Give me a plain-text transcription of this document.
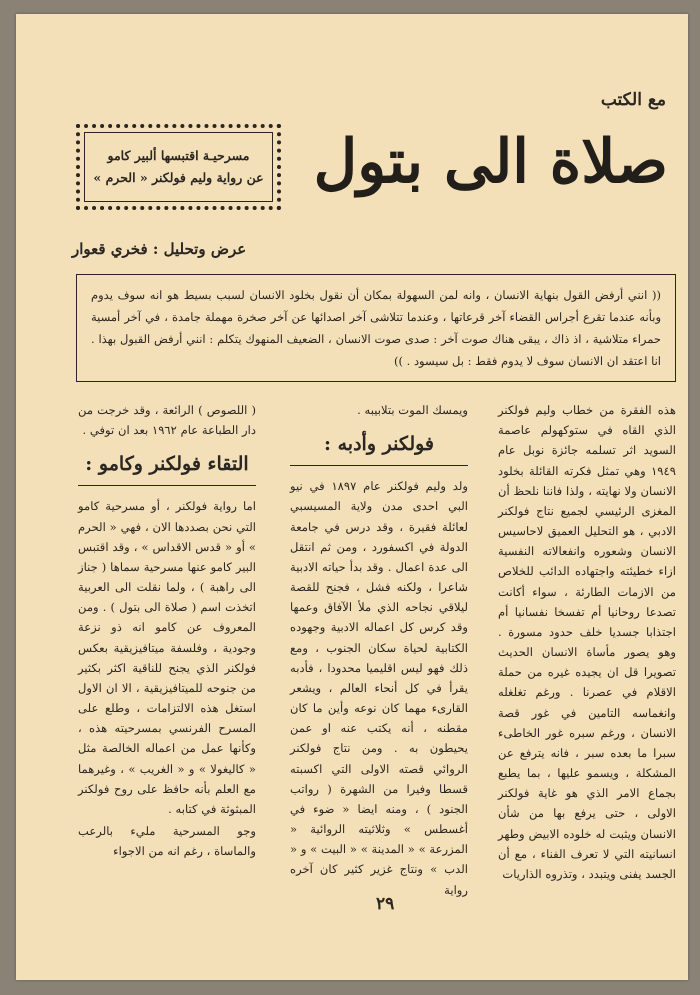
مع الكتب
صلاة الى بتول
مسرحيـة اقتبسها ألبير كامو
عن رواية وليم فولكنر « الحرم »
عرض وتحليل : فخري قعوار
(( انني أرفض القول بنهاية الانسان ، وانه لمن السهولة بمكان أن نقول بخلود الانسان لسبب بسيط هو انه سوف يدوم وبأنه عندما تقرع أجراس القضاء آخر قرعاتها ، وعندما تتلاشى آخر اصدائها عن آخر صخرة مهملة جامدة ، في آخر أمسية حمراء متلاشية ، اذ ذاك ، يبقى هناك صوت آخر : صدى صوت الانسان ، الضعيف المنهوك يتكلم : انني أرفض القبول بهذا . انا اعتقد ان الانسان سوف لا يدوم فقط : بل سيسود . ))

هذه الفقرة من خطاب وليم فولكنر الذي القاه في ستوكهولم عاصمة السويد اثر تسلمه جائزة نوبل عام ١٩٤٩ وهي تمثل فكرته القائلة بخلود الانسان ولا نهايته ، ولذا فاننا نلحظ أن المغزى الرئيسي لجميع نتاج فولكنر الادبي ، هو التحليل العميق لاحاسيس الانسان وشعوره وانفعالاته النفسية ازاء خطيئته واجتهاده الدائب للخلاص من الازمات الطارئة ، سواء أكانت تصدعا روحانيا أم تفسخا نفسانيا أم اجتذابا جسديا خلف حدود مسورة . وهو يصور مأساة الانسان الحديث تصويرا قل ان يجيده غيره من حملة الاقلام في عصرنا . ورغم تغلغله وانغماسه التامين في غور قصة الانسان ، ورغم سبره غور الخاطىء سبرا ما بعده سبر ، فانه يترفع عن المشكلة ، ويسمو عليها ، بما يطبع بجماع الامر الذي هو غاية فولكنر الاولى ، حتى يرفع بها من شأن الانسان ويثبت له خلوده الابيض وطهر انسانيته التي لا تعرف الفناء ، مع أن الجسد يفنى ويتبدد ، وتذروه الذاريات

ويمسك الموت بتلابيبه .

فولكنر وأدبه :

ولد وليم فولكنر عام ١٨٩٧ في نيو البي احدى مدن ولاية المسيسبي لعائلة فقيرة ، وقد درس في جامعة الدولة في اكسفورد ، ومن ثم انتقل الى عدة اعمال . وقد بدأ حياته الادبية شاعرا ، ولكنه فشل ، فجنح للقصة ليلاقي نجاحه الذي ملأ الآفاق وعمها وقد كرس كل اعماله الادبية وجهوده الكتابية لحياة سكان الجنوب ، ومع ذلك فهو ليس اقليميا محدودا ، فأدبه يقرأ في كل أنحاء العالم ، ويشعر القارىء مهما كان نوعه وأين ما كان مقطنه ، أنه يكتب عنه او عمن يحيطون به . ومن نتاج فولكنر الروائي قصته الاولى التي اكسبته قسطا وفيرا من الشهرة ( رواتب الجنود ) ، ومنه ايضا « ضوء في أغسطس » وثلاثيته الروائية « المزرعة » « المدينة » « البيت » و « الدب » ونتاج غزير كثير كان آخره رواية

( اللصوص ) الرائعة ، وقد خرجت من دار الطباعة عام ١٩٦٢ بعد ان توفي .

التقاء فولكنر وكامو :

اما رواية فولكنر ، أو مسرحية كامو التي نحن بصددها الان ، فهي « الحرم » أو « قدس الاقداس » ، وقد اقتبس البير كامو عنها مسرحية سماها ( جناز الى راهبة ) ، ولما نقلت الى العربية اتخذت اسم ( صلاة الى بتول ) . ومن المعروف عن كامو انه ذو نزعة وجودية ، وفلسفة ميتافيزيقية بعكس فولكنر الذي يجنح للناقية اكثر بكثير من جنوحه للميتافيزيقية ، الا ان الاول استغل هذه الالتزامات ، وطلع على المسرح الفرنسي بمسرحيته هذه ، وكأنها عمل من اعماله الخالصة مثل « كاليغولا » و « الغريب » ، وغيرهما مع العلم بأنه حافظ على روح فولكنر المبثوثة في كتابه .

وجو المسرحية مليء بالرعب والماساة ، رغم انه من الاجواء

٢٩
